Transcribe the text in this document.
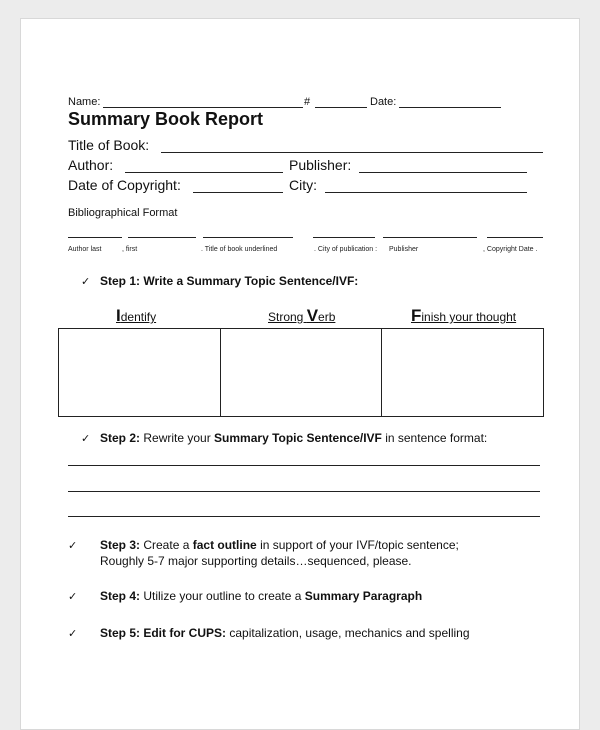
Name:	#	Date:
Summary Book Report
Title of Book:
Author:	Publisher:
Date of Copyright:	City:
Bibliographical Format
Author last	, first	. Title of book underlined	. City of publication : Publisher	, Copyright Date .
✓ Step 1: Write a Summary Topic Sentence/IVF:
Identify	Strong Verb	Finish your thought
✓ Step 2: Rewrite your Summary Topic Sentence/IVF in sentence format:
✓ Step 3: Create a fact outline in support of your IVF/topic sentence;
Roughly 5-7 major supporting details…sequenced, please.
✓ Step 4: Utilize your outline to create a Summary Paragraph
✓ Step 5: Edit for CUPS: capitalization, usage, mechanics and spelling
